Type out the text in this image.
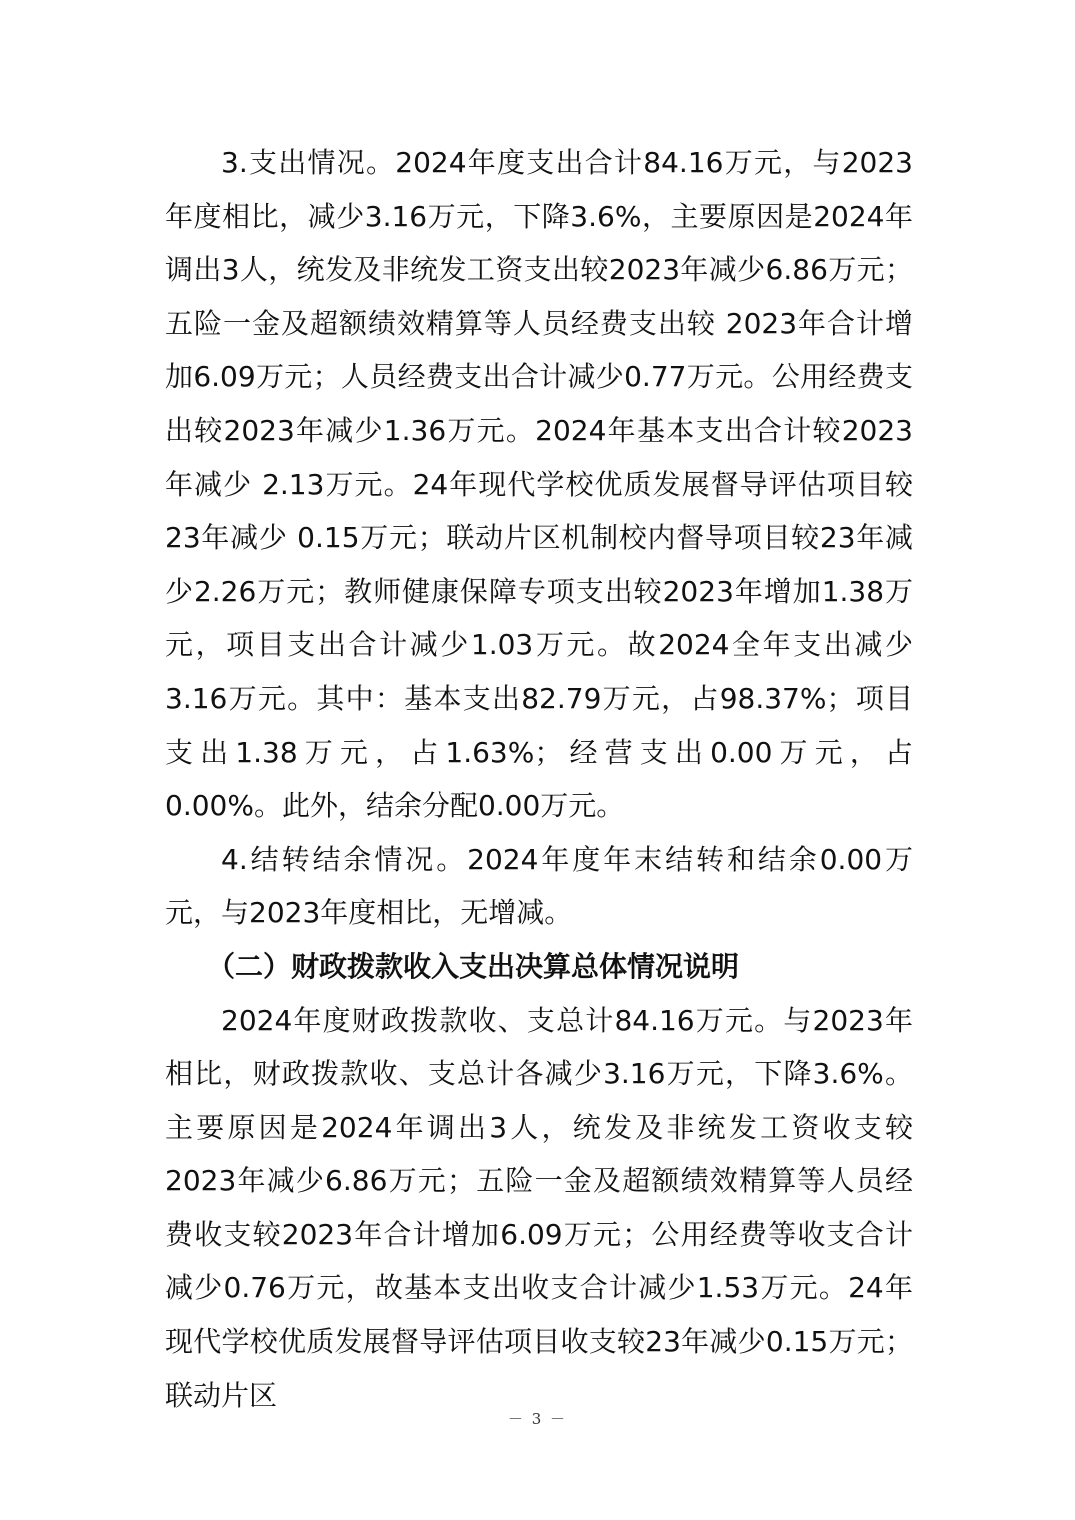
3.支出情况。2024年度支出合计84.16万元，与2023年度相比，减少3.16万元，下降3.6%，主要原因是2024年调出3人，统发及非统发工资支出较2023年减少6.86万元；五险一金及超额绩效精算等人员经费支出较 2023年合计增加6.09万元；人员经费支出合计减少0.77万元。公用经费支出较2023年减少1.36万元。2024年基本支出合计较2023年减少 2.13万元。24年现代学校优质发展督导评估项目较23年减少 0.15万元；联动片区机制校内督导项目较23年减少2.26万元；教师健康保障专项支出较2023年增加1.38万元，项目支出合计减少1.03万元。故2024全年支出减少3.16万元。其中：基本支出82.79万元，占98.37%；项目支出1.38万元，占1.63%；经营支出0.00万元，占0.00%。此外，结余分配0.00万元。

4.结转结余情况。2024年度年末结转和结余0.00万元，与2023年度相比，无增减。

（二）财政拨款收入支出决算总体情况说明

2024年度财政拨款收、支总计84.16万元。与2023年相比，财政拨款收、支总计各减少3.16万元，下降3.6%。主要原因是2024年调出3人，统发及非统发工资收支较2023年减少6.86万元；五险一金及超额绩效精算等人员经费收支较2023年合计增加6.09万元；公用经费等收支合计减少0.76万元，故基本支出收支合计减少1.53万元。24年现代学校优质发展督导评估项目收支较23年减少0.15万元；联动片区

－ 3 －
